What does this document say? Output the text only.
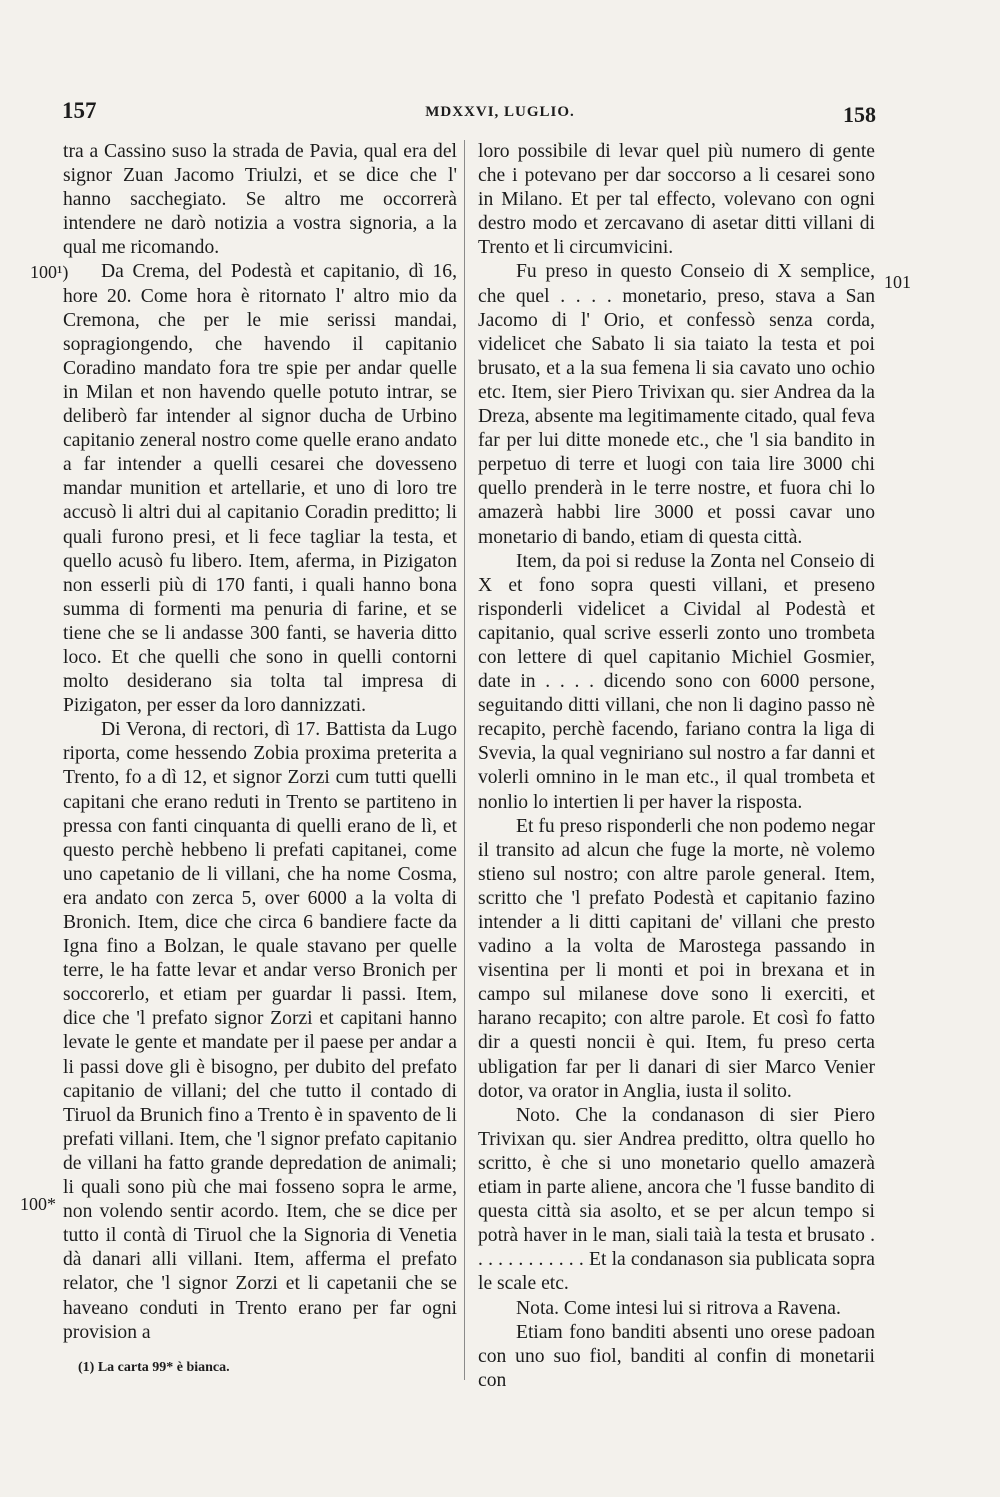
157	MDXXVI, LUGLIO.	158
100¹)
100*
101

tra a Cassino suso la strada de Pavia, qual era del signor Zuan Jacomo Triulzi, et se dice che l' hanno sacchegiato. Se altro me occorrerà intendere ne darò notizia a vostra signoria, a la qual me ricomando.

Da Crema, del Podestà et capitanio, dì 16, hore 20. Come hora è ritornato l' altro mio da Cremona, che per le mie serissi mandai, sopragiongendo, che havendo il capitanio Coradino mandato fora tre spie per andar quelle in Milan et non havendo quelle potuto intrar, se deliberò far intender al signor ducha de Urbino capitanio zeneral nostro come quelle erano andato a far intender a quelli cesarei che dovesseno mandar munition et artellarie, et uno di loro tre accusò li altri dui al capitanio Coradin preditto; li quali furono presi, et li fece tagliar la testa, et quello acusò fu libero. Item, aferma, in Pizigaton non esserli più di 170 fanti, i quali hanno bona summa di formenti ma penuria di farine, et se tiene che se li andasse 300 fanti, se haveria ditto loco. Et che quelli che sono in quelli contorni molto desiderano sia tolta tal impresa di Pizigaton, per esser da loro dannizzati.

Di Verona, di rectori, dì 17. Battista da Lugo riporta, come hessendo Zobia proxima preterita a Trento, fo a dì 12, et signor Zorzi cum tutti quelli capitani che erano reduti in Trento se partiteno in pressa con fanti cinquanta di quelli erano de lì, et questo perchè hebbeno li prefati capitanei, come uno capetanio de li villani, che ha nome Cosma, era andato con zerca 5, over 6000 a la volta di Bronich. Item, dice che circa 6 bandiere facte da Igna fino a Bolzan, le quale stavano per quelle terre, le ha fatte levar et andar verso Bronich per soccorerlo, et etiam per guardar li passi. Item, dice che 'l prefato signor Zorzi et capitani hanno levate le gente et mandate per il paese per andar a li passi dove gli è bisogno, per dubito del prefato capitanio de villani; del che tutto il contado di Tiruol da Brunich fino a Trento è in spavento de li prefati villani. Item, che 'l signor prefato capitanio de villani ha fatto grande depredation de animali; li quali sono più che mai fosseno sopra le arme, non volendo sentir acordo. Item, che se dice per tutto il contà di Tiruol che la Signoria di Venetia dà danari alli villani. Item, afferma el prefato relator, che 'l signor Zorzi et li capetanii che se haveano conduti in Trento erano per far ogni provision a

loro possibile di levar quel più numero di gente che i potevano per dar soccorso a li cesarei sono in Milano. Et per tal effecto, volevano con ogni destro modo et zercavano di asetar ditti villani di Trento et li circumvicini.

Fu preso in questo Conseio di X semplice, che quel . . . . monetario, preso, stava a San Jacomo di l' Orio, et confessò senza corda, videlicet che Sabato li sia taiato la testa et poi brusato, et a la sua femena li sia cavato uno ochio etc. Item, sier Piero Trivixan qu. sier Andrea da la Dreza, absente ma legitimamente citado, qual feva far per lui ditte monede etc., che 'l sia bandito in perpetuo di terre et luogi con taia lire 3000 chi quello prenderà in le terre nostre, et fuora chi lo amazerà habbi lire 3000 et possi cavar uno monetario di bando, etiam di questa città.

Item, da poi si reduse la Zonta nel Conseio di X et fono sopra questi villani, et preseno risponderli videlicet a Cividal al Podestà et capitanio, qual scrive esserli zonto uno trombeta con lettere di quel capitanio Michiel Gosmier, date in . . . . dicendo sono con 6000 persone, seguitando ditti villani, che non li dagino passo nè recapito, perchè facendo, fariano contra la liga di Svevia, la qual vegniriano sul nostro a far danni et volerli omnino in le man etc., il qual trombeta et nonlio lo intertien li per haver la risposta.

Et fu preso risponderli che non podemo negar il transito ad alcun che fuge la morte, nè volemo stieno sul nostro; con altre parole general. Item, scritto che 'l prefato Podestà et capitanio fazino intender a li ditti capitani de' villani che presto vadino a la volta de Marostega passando in visentina per li monti et poi in brexana et in campo sul milanese dove sono li exerciti, et harano recapito; con altre parole. Et così fo fatto dir a questi noncii è qui. Item, fu preso certa ubligation far per li danari di sier Marco Venier dotor, va orator in Anglia, iusta il solito.

Noto. Che la condanason di sier Piero Trivixan qu. sier Andrea preditto, oltra quello ho scritto, è che si uno monetario quello amazerà etiam in parte aliene, ancora che 'l fusse bandito di questa città sia asolto, et se per alcun tempo si potrà haver in le man, siali taià la testa et brusato . . . . . . . . . . . . Et la condanason sia publicata sopra le scale etc.

Nota. Come intesi lui si ritrova a Ravena.

Etiam fono banditi absenti uno orese padoan con uno suo fiol, banditi al confin di monetarii con

(1) La carta 99* è bianca.
